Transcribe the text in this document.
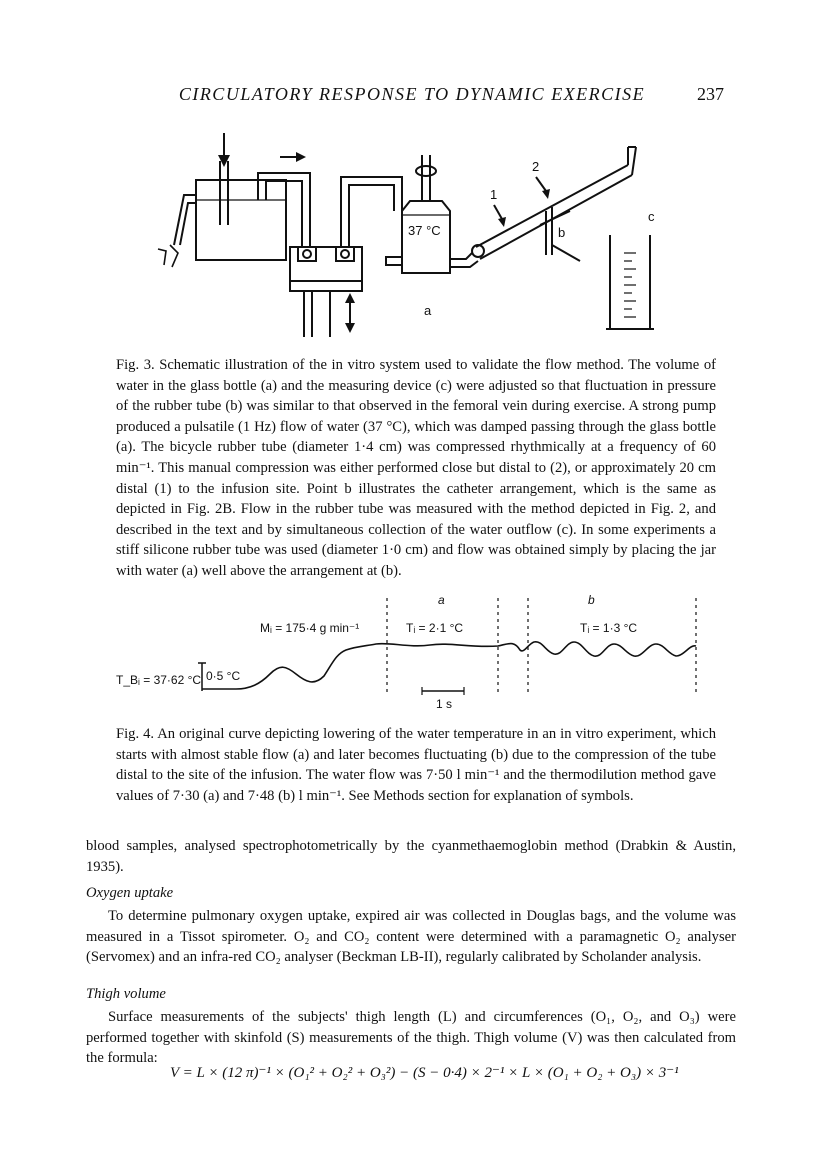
CIRCULATORY RESPONSE TO DYNAMIC EXERCISE	237
37 °C
a
b
c
1
2
Fig. 3. Schematic illustration of the in vitro system used to validate the flow method. The volume of water in the glass bottle (a) and the measuring device (c) were adjusted so that fluctuation in pressure of the rubber tube (b) was similar to that observed in the femoral vein during exercise. A strong pump produced a pulsatile (1 Hz) flow of water (37 °C), which was damped passing through the glass bottle (a). The bicycle rubber tube (diameter 1·4 cm) was compressed rhythmically at a frequency of 60 min⁻¹. This manual compression was either performed close but distal to (2), or approximately 20 cm distal (1) to the infusion site. Point b illustrates the catheter arrangement, which is the same as depicted in Fig. 2B. Flow in the rubber tube was measured with the method depicted in Fig. 2, and described in the text and by simultaneous collection of the water outflow (c). In some experiments a stiff silicone rubber tube was used (diameter 1·0 cm) and flow was obtained simply by placing the jar with water (a) well above the arrangement at (b).
a	b
Mᵢ = 175·4 g min⁻¹	Tᵢ = 2·1 °C	Tᵢ = 1·3 °C
T_Bᵢ = 37·62 °C 0·5 °C
1 s
Fig. 4. An original curve depicting lowering of the water temperature in an in vitro experiment, which starts with almost stable flow (a) and later becomes fluctuating (b) due to the compression of the tube distal to the site of the infusion. The water flow was 7·50 l min⁻¹ and the thermodilution method gave values of 7·30 (a) and 7·48 (b) l min⁻¹. See Methods section for explanation of symbols.
blood samples, analysed spectrophotometrically by the cyanmethaemoglobin method (Drabkin & Austin, 1935).
Oxygen uptake
To determine pulmonary oxygen uptake, expired air was collected in Douglas bags, and the volume was measured in a Tissot spirometer. O₂ and CO₂ content were determined with a paramagnetic O₂ analyser (Servomex) and an infra-red CO₂ analyser (Beckman LB-II), regularly calibrated by Scholander analysis.
Thigh volume
Surface measurements of the subjects' thigh length (L) and circumferences (O₁, O₂, and O₃) were performed together with skinfold (S) measurements of the thigh. Thigh volume (V) was then calculated from the formula:
V = L × (12 π)⁻¹ × (O₁² + O₂² + O₃²) − (S − 0·4) × 2⁻¹ × L × (O₁ + O₂ + O₃) × 3⁻¹
